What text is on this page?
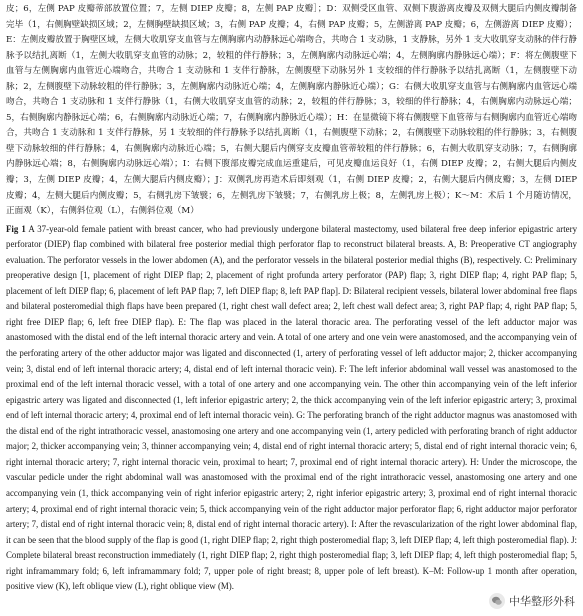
皮；6，左侧 PAP 皮瓣蒂部放置位置；7，左侧 DIEP 皮瓣；8，左侧 PAP 皮瓣］；D：双侧受区血管、双侧下腹游离皮瓣及双侧大腿后内侧皮瓣制备完毕（1，右侧胸壁缺损区域；2，左侧胸壁缺损区域；3，右侧 PAP 皮瓣；4，右侧 PAP 皮瓣；5，左侧游离 PAP 皮瓣；6，左侧游离 DIEP 皮瓣）；E：左侧皮瓣放置于胸壁区域，左侧大收肌穿支血管与左侧胸廓内动静脉远心端吻合，共吻合 1 支动脉，1 支静脉，另外 1 支大收肌穿支动脉的伴行静脉予以结扎离断（1，左侧大收肌穿支血管的动脉；2，较粗的伴行静脉；3，左侧胸廓内动脉远心端；4，左侧胸廓内静脉远心端）；F：将左侧腹壁下血管与左侧胸廓内血管近心端吻合，共吻合 1 支动脉和 1 支伴行静脉，左侧腹壁下动脉另外 1 支较细的伴行静脉予以结扎离断（1，左侧腹壁下动脉；2，左侧腹壁下动脉较粗的伴行静脉；3，左侧胸廓内动脉近心端；4，左侧胸廓内静脉近心端）；G：右侧大收肌穿支血管与右侧胸廓内血管远心端吻合，共吻合 1 支动脉和 1 支伴行静脉（1，右侧大收肌穿支血管的动脉；2，较粗的伴行静脉；3，较细的伴行静脉；4，右侧胸廓内动脉远心端；5，右侧胸廓内静脉远心端；6，右侧胸廓内动脉近心端；7，右侧胸廓内静脉近心端）；H：在显微镜下将右侧腹壁下血管蒂与右侧胸廓内血管近心端吻合，共吻合 1 支动脉和 1 支伴行静脉，另 1 支较细的伴行静脉予以结扎离断（1，右侧腹壁下动脉；2，右侧腹壁下动脉较粗的伴行静脉；3，右侧腹壁下动脉较细的伴行静脉；4，右侧胸廓内动脉近心端；5，右侧大腿后内侧穿支皮瓣血管蒂较粗的伴行静脉；6，右侧大收肌穿支动脉；7，右侧胸廓内静脉远心端；8，右侧胸廓内动脉远心端）；I：右侧下腹部皮瓣完成血运重建后，可见皮瓣血运良好（1，右侧 DIEP 皮瓣；2，右侧大腿后内侧皮瓣；3，左侧 DIEP 皮瓣；4，左侧大腿后内侧皮瓣）；J：双侧乳房再造术后即刻观（1，右侧 DIEP 皮瓣；2，右侧大腿后内侧皮瓣；3，左侧 DIEP 皮瓣；4，左侧大腿后内侧皮瓣；5，右侧乳房下皱襞；6，左侧乳房下皱襞；7，右侧乳房上极；8，左侧乳房上极）；K～M：术后 1 个月随访情况，正面观（K），右侧斜位观（L），右侧斜位观（M）
Fig 1 A 37-year-old female patient with breast cancer, who had previously undergone bilateral mastectomy, used bilateral free deep inferior epigastric artery perforator (DIEP) flap combined with bilateral free posterior medial thigh perforator flap to reconstruct bilateral breasts. A, B: Preoperative CT angiography evaluation. The perforator vessels in the lower abdomen (A), and the perforator vessels in the bilateral posterior medial thighs (B), respectively. C: Preliminary preoperative design [1, placement of right DIEP flap; 2, placement of right profunda artery perforator (PAP) flap; 3, right DIEP flap; 4, right PAP flap; 5, placement of left DIEP flap; 6, placement of left PAP flap; 7, left DIEP flap; 8, left PAP flap]. D: Bilateral recipient vessels, bilateral lower abdominal free flaps and bilateral posteromedial thigh flaps have been prepared (1, right chest wall defect area; 2, left chest wall defect area; 3, right PAP flap; 4, right PAP flap; 5, right free DIEP flap; 6, left free DIEP flap). E: The flap was placed in the lateral thoracic area. The perforating vessel of the left adductor major was anastomosed with the distal end of the left internal thoracic artery and vein. A total of one artery and one vein were anastomosed, and the accompanying vein of the perforating artery of the other adductor major was ligated and disconnected (1, artery of perforating vessel of left adductor major; 2, thicker accompanying vein; 3, distal end of left internal thoracic artery; 4, distal end of left internal thoracic vein). F: The left inferior abdominal wall vessel was anastomosed to the proximal end of the left internal thoracic vessel, with a total of one artery and one accompanying vein. The other thin accompanying vein of the left inferior epigastric artery was ligated and disconnected (1, left inferior epigastric artery; 2, the thick accompanying vein of the left inferior epigastric artery; 3, proximal end of left internal thoracic artery; 4, proximal end of left internal thoracic vein). G: The perforating branch of the right adductor magnus was anastomosed with the distal end of the right intrathoracic vessel, anastomosing one artery and one accompanying vein (1, artery pedicled with perforating branch of right adductor major; 2, thicker accompanying vein; 3, thinner accompanying vein; 4, distal end of right internal thoracic artery; 5, distal end of right internal thoracic vein; 6, right internal thoracic artery; 7, right internal thoracic vein, proximal to heart; 7, proximal end of right internal thoracic artery). H: Under the microscope, the vascular pedicle under the right abdominal wall was anastomosed with the proximal end of the right intrathoracic vessel, anastomosing one artery and one accompanying vein (1, thick accompanying vein of right inferior epigastric artery; 2, right inferior epigastric artery; 3, proximal end of right internal thoracic artery; 4, proximal end of right internal thoracic vein; 5, thick accompanying vein of the right adductor major perforator flap; 6, right adductor major perforator artery; 7, distal end of right internal thoracic vein; 8, distal end of right internal thoracic artery). I: After the revascularization of the right lower abdominal flap, it can be seen that the blood supply of the flap is good (1, right DIEP flap; 2, right thigh posteromedial flap; 3, left DIEP flap; 4, left thigh posteromedial flap). J: Complete bilateral breast reconstruction immediately (1, right DIEP flap; 2, right thigh posteromedial flap; 3, left DIEP flap; 4, left thigh posteromedial flap; 5, right inframammary fold; 6, left inframammary fold; 7, upper pole of right breast; 8, upper pole of left breast). K–M: Follow-up 1 month after operation, positive view (K), left oblique view (L), right oblique view (M).
中华整形外科
